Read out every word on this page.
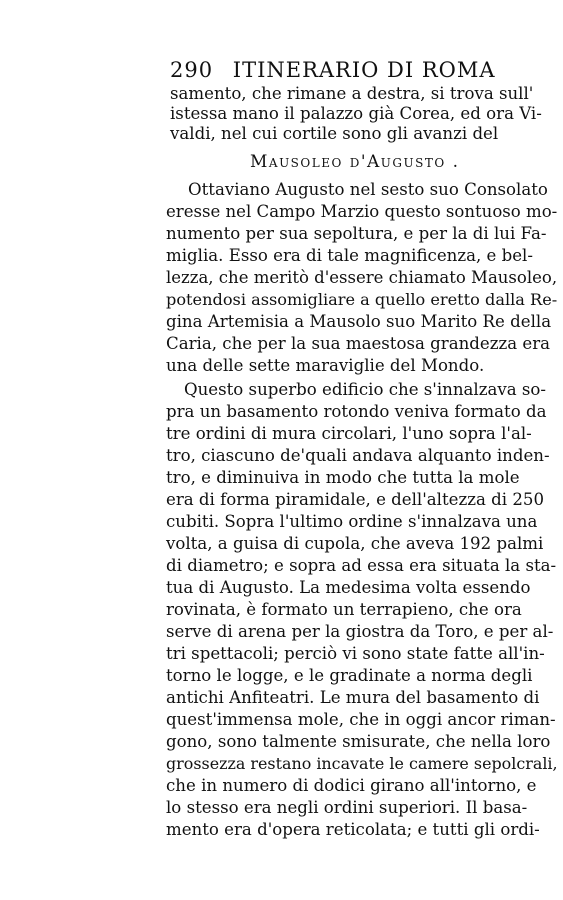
290 ITINERARIO DI ROMA
samento, che rimane a destra, si trova sull'
istessa mano il palazzo già Corea, ed ora Vi-
valdi, nel cui cortile sono gli avanzi del
Mausoleo d'Augusto .
Ottaviano Augusto nel sesto suo Consolato
eresse nel Campo Marzio questo sontuoso mo-
numento per sua sepoltura, e per la di lui Fa-
miglia. Esso era di tale magnificenza, e bel-
lezza, che meritò d'essere chiamato Mausoleo,
potendosi assomigliare a quello eretto dalla Re-
gina Artemisia a Mausolo suo Marito Re della
Caria, che per la sua maestosa grandezza era
una delle sette maraviglie del Mondo.
Questo superbo edificio che s'innalzava so-
pra un basamento rotondo veniva formato da
tre ordini di mura circolari, l'uno sopra l'al-
tro, ciascuno de'quali andava alquanto inden-
tro, e diminuiva in modo che tutta la mole
era di forma piramidale, e dell'altezza di 250
cubiti. Sopra l'ultimo ordine s'innalzava una
volta, a guisa di cupola, che aveva 192 palmi
di diametro; e sopra ad essa era situata la sta-
tua di Augusto. La medesima volta essendo
rovinata, è formato un terrapieno, che ora
serve di arena per la giostra da Toro, e per al-
tri spettacoli; perciò vi sono state fatte all'in-
torno le logge, e le gradinate a norma degli
antichi Anfiteatri. Le mura del basamento di
quest'immensa mole, che in oggi ancor riman-
gono, sono talmente smisurate, che nella loro
grossezza restano incavate le camere sepolcrali,
che in numero di dodici girano all'intorno, e
lo stesso era negli ordini superiori. Il basa-
mento era d'opera reticolata; e tutti gli ordi-
